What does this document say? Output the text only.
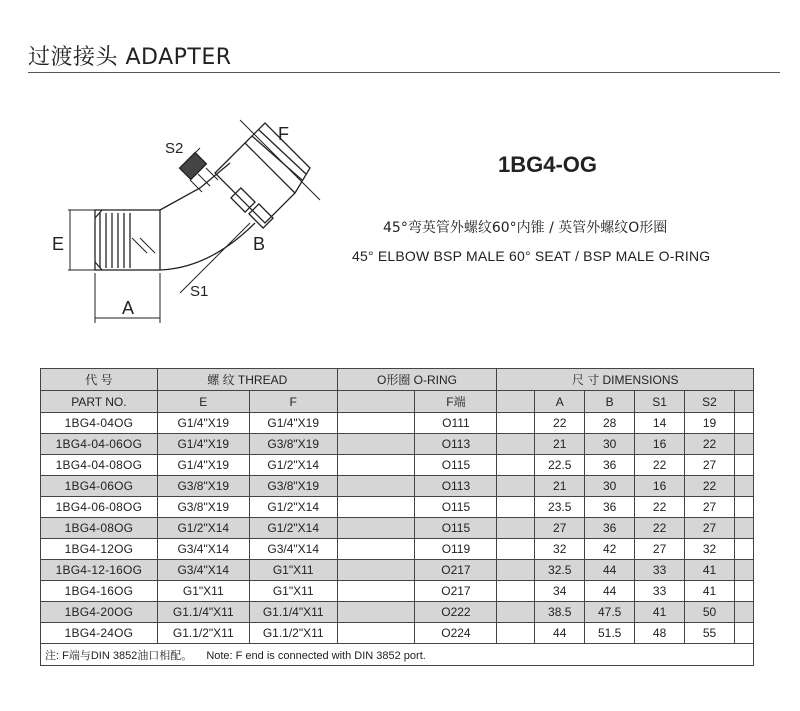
过渡接头 ADAPTER
S2
S1
A
E
F
B
1BG4-OG
45°弯英管外螺纹60°内锥 / 英管外螺纹O形圈
45° ELBOW BSP MALE 60° SEAT / BSP MALE O-RING
代 号	螺 纹 THREAD		O形圈 O-RING		尺 寸 DIMENSIONS					
PART NO.	E	F		F端		A	B	S1	S2	
1BG4-04OG	G1/4"X19	G1/4"X19		O111		22	28	14	19	
1BG4-04-06OG	G1/4"X19	G3/8"X19		O113		21	30	16	22	
1BG4-04-08OG	G1/4"X19	G1/2"X14		O115		22.5	36	22	27	
1BG4-06OG	G3/8"X19	G3/8"X19		O113		21	30	16	22	
1BG4-06-08OG	G3/8"X19	G1/2"X14		O115		23.5	36	22	27	
1BG4-08OG	G1/2"X14	G1/2"X14		O115		27	36	22	27	
1BG4-12OG	G3/4"X14	G3/4"X14		O119		32	42	27	32	
1BG4-12-16OG	G3/4"X14	G1"X11		O217		32.5	44	33	41	
1BG4-16OG	G1"X11	G1"X11		O217		34	44	33	41	
1BG4-20OG	G1.1/4"X11	G1.1/4"X11		O222		38.5	47.5	41	50	
1BG4-24OG	G1.1/2"X11	G1.1/2"X11		O224		44	51.5	48	55	
注: F端与DIN 3852油口相配。 Note: F end is connected with DIN 3852 port.										
